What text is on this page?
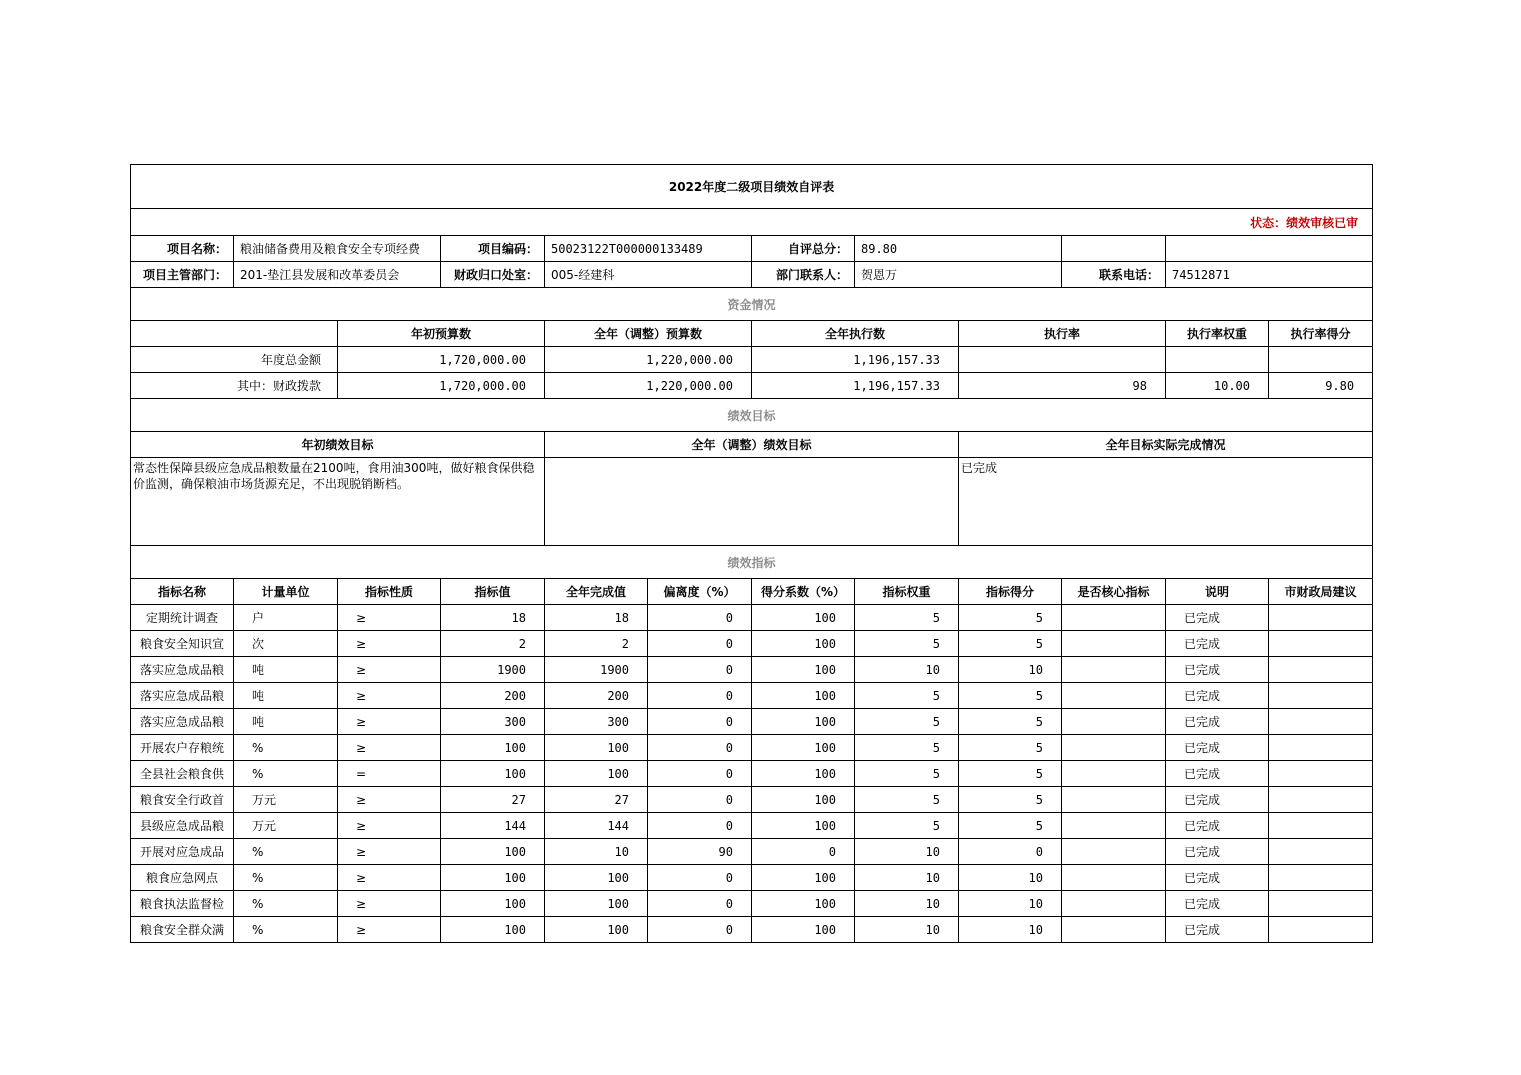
2022年度二级项目绩效自评表											
状态：绩效审核已审											
项目名称：	粮油储备费用及粮食安全专项经费		项目编码：	50023122T000000133489		自评总分：	89.80				
项目主管部门：	201-垫江县发展和改革委员会		财政归口处室：	005-经建科		部门联系人：	贺恩万		联系电话：	74512871	
资金情况											
		年初预算数		全年（调整）预算数		全年执行数		执行率		执行率权重	执行率得分
年度总金额		1,720,000.00		1,220,000.00		1,196,157.33					
其中：财政拨款		1,720,000.00		1,220,000.00		1,196,157.33		98		10.00	9.80
绩效目标											
年初绩效目标				全年（调整）绩效目标				全年目标实际完成情况			
常态性保障县级应急成品粮数量在2100吨，食用油300吨，做好粮食保供稳价监测，确保粮油市场货源充足，不出现脱销断档。								已完成			
绩效指标											
指标名称	计量单位	指标性质	指标值	全年完成值	偏离度（%）	得分系数（%）	指标权重	指标得分	是否核心指标	说明	市财政局建议
定期统计调查	户	≥	18	18	0	100	5	5		已完成	
粮食安全知识宣	次	≥	2	2	0	100	5	5		已完成	
落实应急成品粮	吨	≥	1900	1900	0	100	10	10		已完成	
落实应急成品粮	吨	≥	200	200	0	100	5	5		已完成	
落实应急成品粮	吨	≥	300	300	0	100	5	5		已完成	
开展农户存粮统	%	≥	100	100	0	100	5	5		已完成	
全县社会粮食供	%	=	100	100	0	100	5	5		已完成	
粮食安全行政首	万元	≥	27	27	0	100	5	5		已完成	
县级应急成品粮	万元	≥	144	144	0	100	5	5		已完成	
开展对应急成品	%	≥	100	10	90	0	10	0		已完成	
粮食应急网点	%	≥	100	100	0	100	10	10		已完成	
粮食执法监督检	%	≥	100	100	0	100	10	10		已完成	
粮食安全群众满	%	≥	100	100	0	100	10	10		已完成	
